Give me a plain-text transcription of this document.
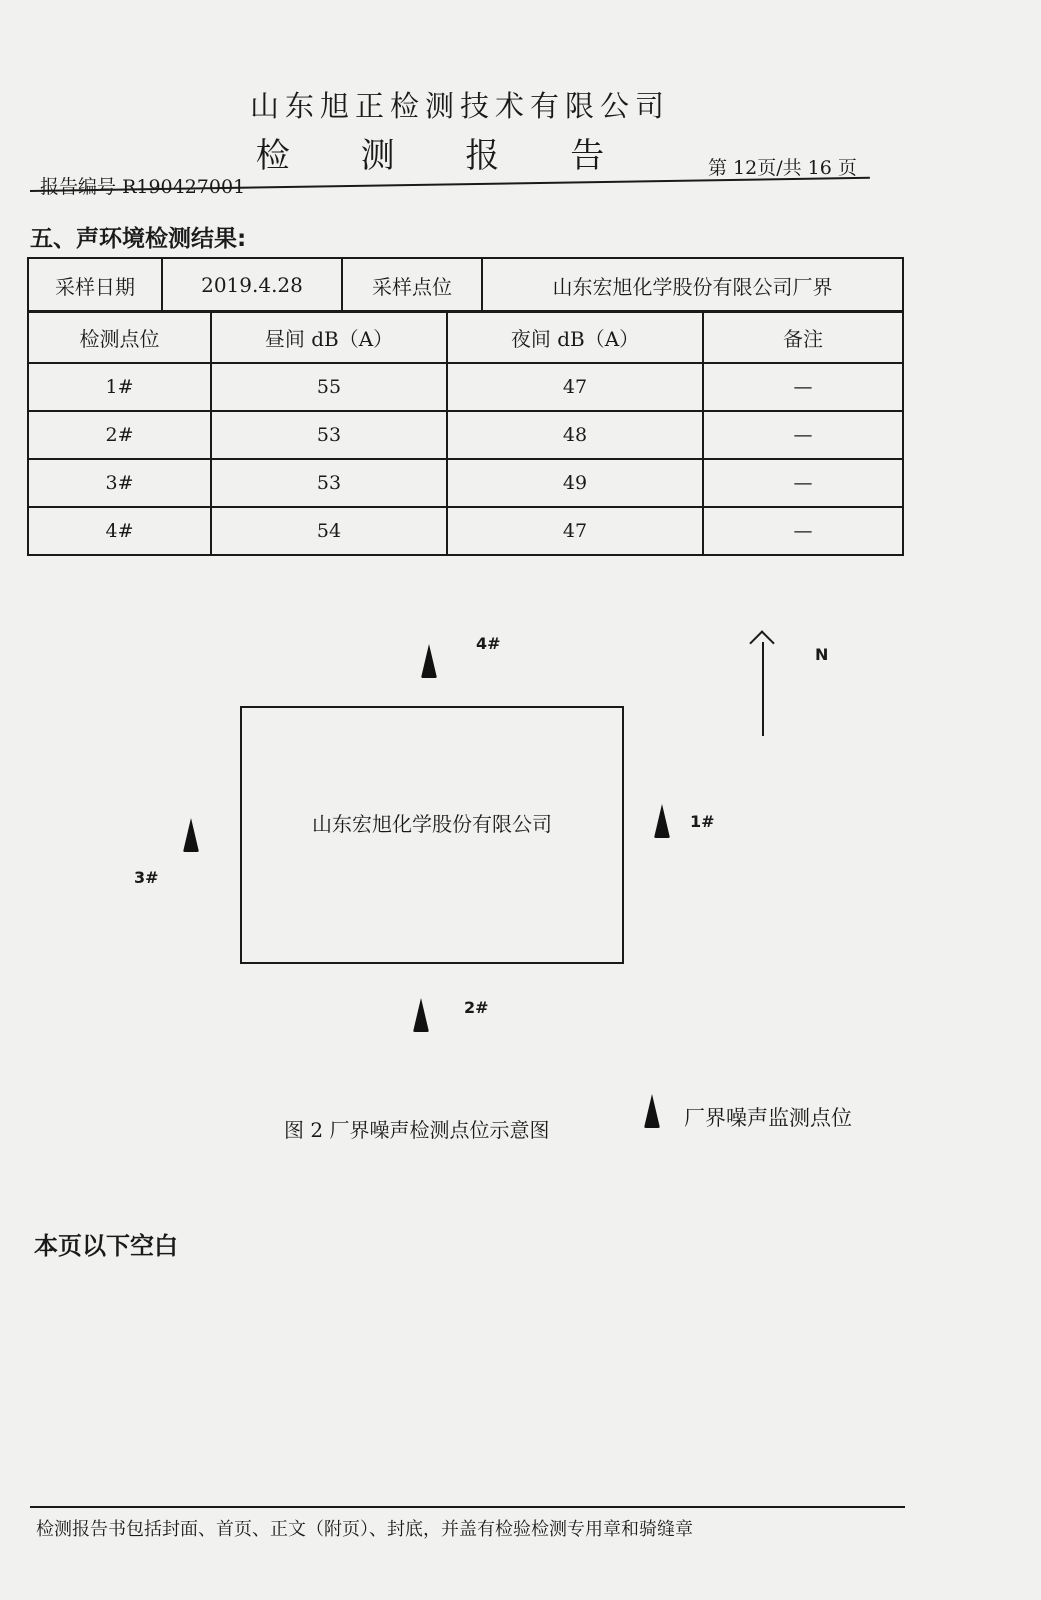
山东旭正检测技术有限公司
检 测 报 告
报告编号 R190427001
第 12页/共 16 页
五、声环境检测结果:
采样日期	2019.4.28	采样点位	山东宏旭化学股份有限公司厂界
检测点位	昼间 dB（A）	夜间 dB（A）	备注
1#	55	47	—
2#	53	48	—
3#	53	49	—
4#	54	47	—
4#
N
山东宏旭化学股份有限公司	1#
3#
2#
图 2 厂界噪声检测点位示意图	厂界噪声监测点位
本页以下空白
检测报告书包括封面、首页、正文（附页）、封底，并盖有检验检测专用章和骑缝章
